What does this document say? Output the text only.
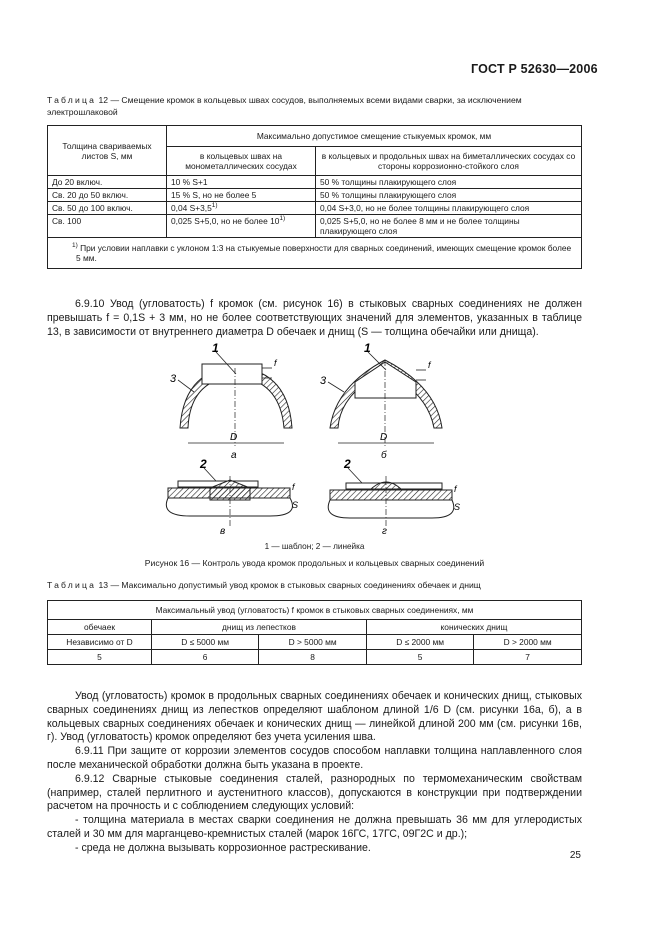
ГОСТ Р 52630—2006
Таблица 12 — Смещение кромок в кольцевых швах сосудов, выполняемых всеми видами сварки, за исключением электрошлаковой
Толщина свариваемых листов S, мм	Максимально допустимое смещение стыкуемых кромок, мм	
	в кольцевых швах на монометаллических сосудах	в кольцевых и продольных швах на биметаллических сосудах со стороны коррозионно-стойкого слоя
До 20 включ.	10 % S+1	50 % толщины плакирующего слоя
Св. 20 до 50 включ.	15 % S, но не более 5	50 % толщины плакирующего слоя
Св. 50 до 100 включ.	0,04 $S+3,5^{1)}$	0,04 S+3,0, но не более толщины плакирующего слоя
Св. 100	0,025 S+5,0, но не более 10$^{1)}$	0,025 S+5,0, но не более 8 мм и не более толщины плакирующего слоя
$^{1)}$ При условии наплавки с уклоном 1:3 на стыкуемые поверхности для сварных соединений, имеющих смещение кромок более 5 мм.		

6.9.10 Увод (угловатость) f кромок (см. рисунок 16) в стыковых сварных соединениях не должен превышать f = 0,1S + 3 мм, но не более соответствующих значений для элементов, указанных в таблице 13, в зависимости от внутреннего диаметра D обечаек и днищ (S — толщина обечайки или днища).

1
3
D
f
а
1
3
D
f
б
2
f
S
в
2
f
S
г
1 — шаблон; 2 — линейка
Рисунок 16 — Контроль увода кромок продольных и кольцевых сварных соединений
Таблица 13 — Максимально допустимый увод кромок в стыковых сварных соединениях обечаек и днищ
Максимальный увод (угловатость) f кромок в стыковых сварных соединениях, мм				
обечаек	днищ из лепестков		конических днищ	
Независимо от D	D ≤ 5000 мм	D > 5000 мм	D ≤ 2000 мм	D > 2000 мм
5	6	8	5	7

Увод (угловатость) кромок в продольных сварных соединениях обечаек и конических днищ, стыковых сварных соединениях днищ из лепестков определяют шаблоном длиной 1/6 D (см. рисунки 16а, б), а в кольцевых сварных соединениях обечаек и конических днищ — линейкой длиной 200 мм (см. рисунки 16в, г). Увод (угловатость) кромок определяют без учета усиления шва.

6.9.11 При защите от коррозии элементов сосудов способом наплавки толщина наплавленного слоя после механической обработки должна быть указана в проекте.

6.9.12 Сварные стыковые соединения сталей, разнородных по термомеханическим свойствам (например, сталей перлитного и аустенитного классов), допускаются в конструкции при подтверждении расчетом на прочность и с соблюдением следующих условий:

- толщина материала в местах сварки соединения не должна превышать 36 мм для углеродистых сталей и 30 мм для марганцево-кремнистых сталей (марок 16ГС, 17ГС, 09Г2С и др.);

- среда не должна вызывать коррозионное растрескивание.

25
